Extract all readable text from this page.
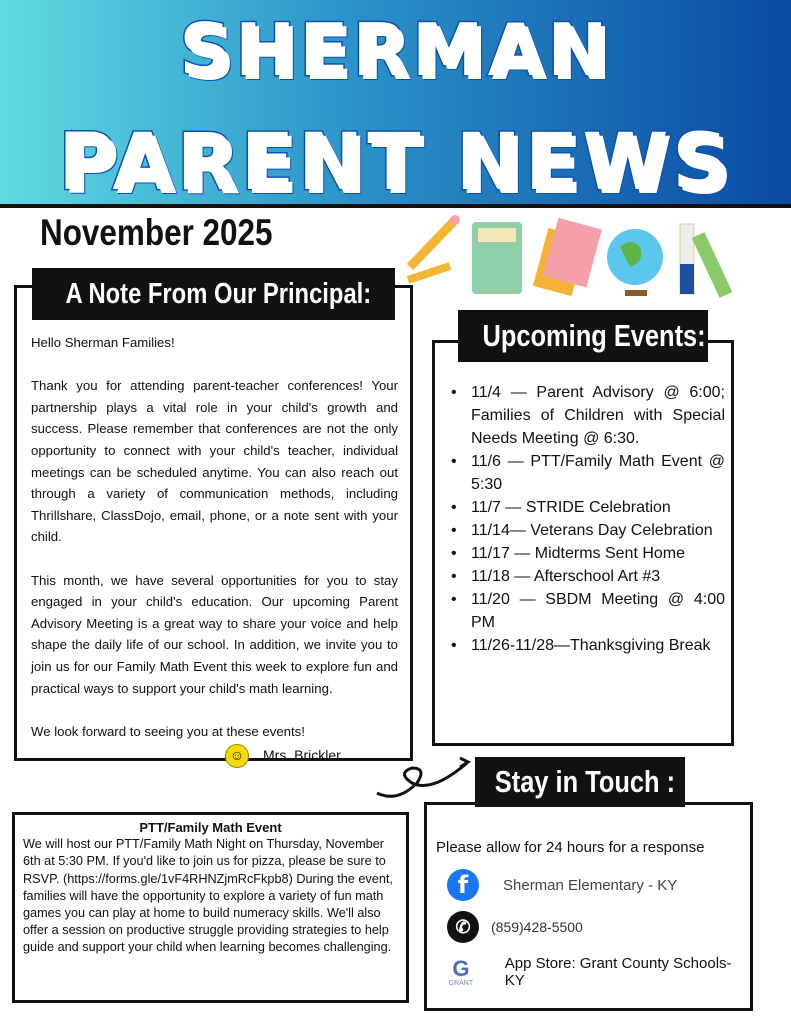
SHERMAN
PARENT NEWS
November 2025

Hello Sherman Families!

Thank you for attending parent-teacher conferences! Your partnership plays a vital role in your child's growth and success. Please remember that conferences are not the only opportunity to connect with your child's teacher, individual meetings can be scheduled anytime. You can also reach out through a variety of communication methods, including Thrillshare, ClassDojo, email, phone, or a note sent with your child.

This month, we have several opportunities for you to stay engaged in your child's education. Our upcoming Parent Advisory Meeting is a great way to share your voice and help shape the daily life of our school. In addition, we invite you to join us for our Family Math Event this week to explore fun and practical ways to support your child's math learning.

We look forward to seeing you at these events!

☺	Mrs. Brickler
A Note From Our Principal:
• 11/4 — Parent Advisory @ 6:00; Families of Children with Special Needs Meeting @ 6:30.
• 11/6 — PTT/Family Math Event @ 5:30
• 11/7 — STRIDE Celebration
• 11/14— Veterans Day Celebration
• 11/17 — Midterms Sent Home
• 11/18 — Afterschool Art #3
• 11/20 — SBDM Meeting @ 4:00 PM
• 11/26-11/28—Thanksgiving Break
Upcoming Events:
PTT/Family Math Event

We will host our PTT/Family Math Night on Thursday, November 6th at 5:30 PM. If you'd like to join us for pizza, please be sure to RSVP. (https://forms.gle/1vF4RHNZjmRcFkpb8) During the event, families will have the opportunity to explore a variety of fun math games you can play at home to build numeracy skills. We'll also offer a session on productive struggle providing strategies to help guide and support your child when learning becomes challenging.

Please allow for 24 hours for a response
f	Sherman Elementary - KY
✆	(859)428-5500
G
GRANT
App Store: Grant County Schools-KY
Stay in Touch :
